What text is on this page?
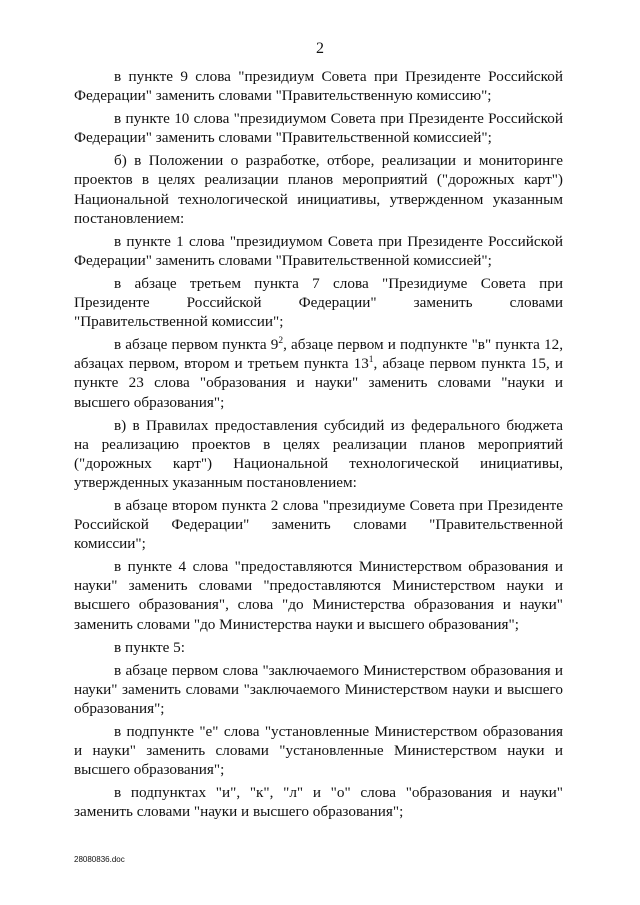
2

в пункте 9 слова "президиум Совета при Президенте Российской Федерации" заменить словами "Правительственную комиссию";

в пункте 10 слова "президиумом Совета при Президенте Российской Федерации" заменить словами "Правительственной комиссией";

б) в Положении о разработке, отборе, реализации и мониторинге проектов в целях реализации планов мероприятий ("дорожных карт") Национальной технологической инициативы, утвержденном указанным постановлением:

в пункте 1 слова "президиумом Совета при Президенте Российской Федерации" заменить словами "Правительственной комиссией";

в абзаце третьем пункта 7 слова "Президиуме Совета при Президенте Российской Федерации" заменить словами "Правительственной комиссии";

в абзаце первом пункта $9^2$, абзаце первом и подпункте "в" пункта 12, абзацах первом, втором и третьем пункта $13^1$, абзаце первом пункта 15, и пункте 23 слова "образования и науки" заменить словами "науки и высшего образования";

в) в Правилах предоставления субсидий из федерального бюджета на реализацию проектов в целях реализации планов мероприятий ("дорожных карт") Национальной технологической инициативы, утвержденных указанным постановлением:

в абзаце втором пункта 2 слова "президиуме Совета при Президенте Российской Федерации" заменить словами "Правительственной комиссии";

в пункте 4 слова "предоставляются Министерством образования и науки" заменить словами "предоставляются Министерством науки и высшего образования", слова "до Министерства образования и науки" заменить словами "до Министерства науки и высшего образования";

в пункте 5:

в абзаце первом слова "заключаемого Министерством образования и науки" заменить словами "заключаемого Министерством науки и высшего образования";

в подпункте "е" слова "установленные Министерством образования и науки" заменить словами "установленные Министерством науки и высшего образования";

в подпунктах "и", "к", "л" и "о" слова "образования и науки" заменить словами "науки и высшего образования";

28080836.doc
